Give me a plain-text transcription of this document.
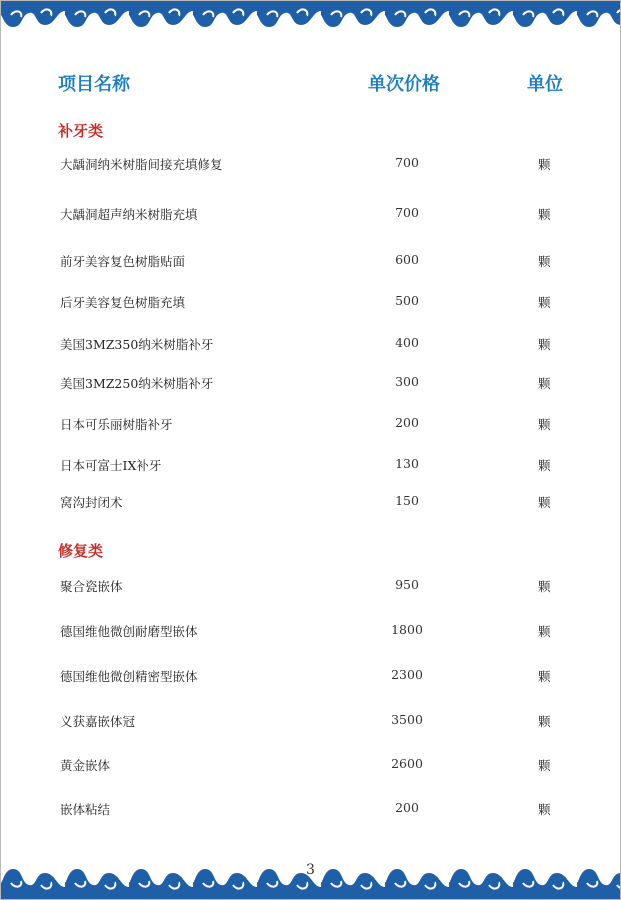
项目名称	单次价格	单位
补牙类
大龋洞纳米树脂间接充填修复	700	颗
大龋洞超声纳米树脂充填	700	颗
前牙美容复色树脂贴面	600	颗
后牙美容复色树脂充填	500	颗
美国3MZ350纳米树脂补牙	400	颗
美国3MZ250纳米树脂补牙	300	颗
日本可乐丽树脂补牙	200	颗
日本可富士IX补牙	130	颗
窝沟封闭术	150	颗
修复类
聚合瓷嵌体	950	颗
德国维他微创耐磨型嵌体	1800	颗
德国维他微创精密型嵌体	2300	颗
义获嘉嵌体冠	3500	颗
黄金嵌体	2600	颗
嵌体粘结	200	颗
3
